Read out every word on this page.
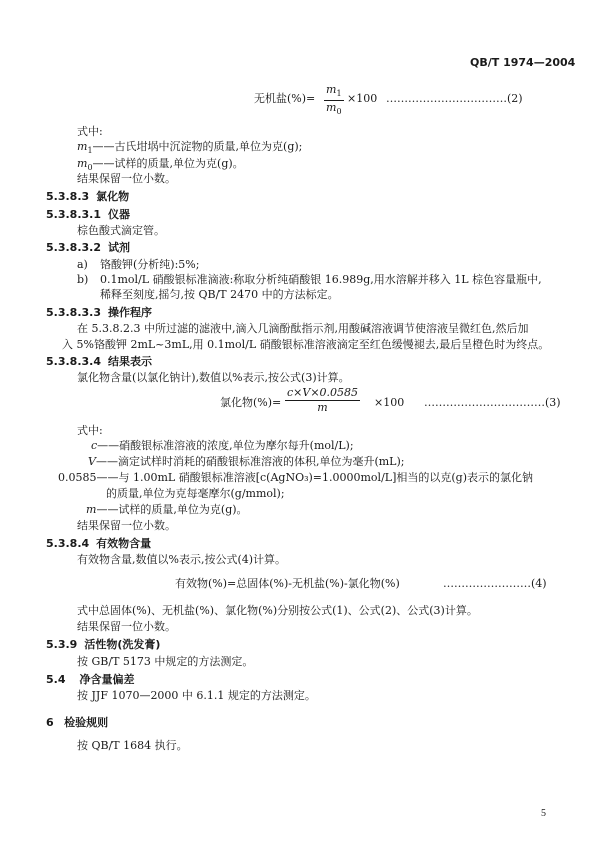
QB/T 1974—2004
无机盐(%)= $\frac{m_1}{m_0} \times 100$ ……………………………(2)
式中:
$m_1——$古氏坩埚中沉淀物的质量,单位为克(g);
$m_0——$试样的质量,单位为克(g)。
结果保留一位小数。
5.3.8.3 氯化物
5.3.8.3.1 仪器
棕色酸式滴定管。
5.3.8.3.2 试剂
a) 铬酸钾(分析纯):5%;
b) 0.1mol/L 硝酸银标准滴液:称取分析纯硝酸银 16.989g,用水溶解并移入 1L 棕色容量瓶中,
稀释至刻度,摇匀,按 QB/T 2470 中的方法标定。
5.3.8.3.3 操作程序
在 5.3.8.2.3 中所过滤的滤液中,滴入几滴酚酞指示剂,用酸碱溶液调节使溶液呈微红色,然后加
入 5%铬酸钾 2mL~3mL,用 0.1mol/L 硝酸银标准溶液滴定至红色缓慢褪去,最后呈橙色时为终点。
5.3.8.3.4 结果表示
氯化物含量(以氯化钠计),数值以%表示,按公式(3)计算。
氯化物(%)= $\frac{c\times V\times 0.0585}{m} \times 100$ ……………………………(3)
式中:
c——硝酸银标准溶液的浓度,单位为摩尔每升(mol/L);
V——滴定试样时消耗的硝酸银标准溶液的体积,单位为毫升(mL);
0.0585——与 1.00mL 硝酸银标准溶液[c(AgNO₃)=1.0000mol/L]相当的以克(g)表示的氯化钠
的质量,单位为克每毫摩尔(g/mmol);
m——试样的质量,单位为克(g)。
结果保留一位小数。
5.3.8.4 有效物含量
有效物含量,数值以%表示,按公式(4)计算。
有效物(%)=总固体(%)-无机盐(%)-氯化物(%)	……………………(4)
式中总固体(%)、无机盐(%)、氯化物(%)分别按公式(1)、公式(2)、公式(3)计算。
结果保留一位小数。
5.3.9 活性物(洗发膏)
按 GB/T 5173 中规定的方法测定。
5.4 净含量偏差
按 JJF 1070—2000 中 6.1.1 规定的方法测定。
6 检验规则
按 QB/T 1684 执行。
5
